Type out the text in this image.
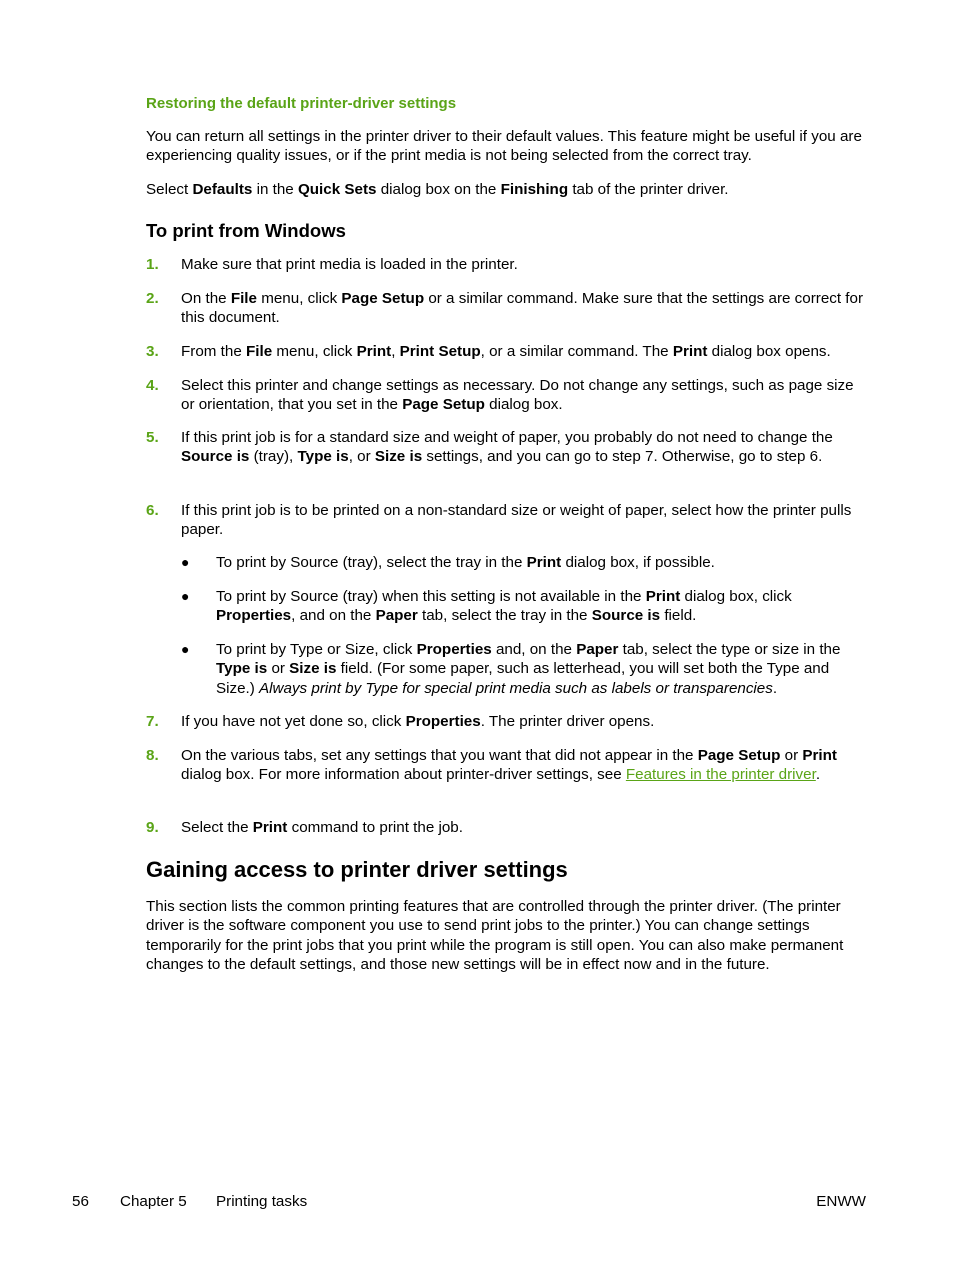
Restoring the default printer-driver settings

You can return all settings in the printer driver to their default values. This feature might be useful if you are experiencing quality issues, or if the print media is not being selected from the correct tray.

Select Defaults in the Quick Sets dialog box on the Finishing tab of the printer driver.

To print from Windows
1. Make sure that print media is loaded in the printer.
2. On the File menu, click Page Setup or a similar command. Make sure that the settings are correct for this document.
3. From the File menu, click Print, Print Setup, or a similar command. The Print dialog box opens.
4. Select this printer and change settings as necessary. Do not change any settings, such as page size or orientation, that you set in the Page Setup dialog box.
5. If this print job is for a standard size and weight of paper, you probably do not need to change the Source is (tray), Type is, or Size is settings, and you can go to step 7. Otherwise, go to step 6.
6. If this print job is to be printed on a non-standard size or weight of paper, select how the printer pulls paper.
● To print by Source (tray), select the tray in the Print dialog box, if possible.
● To print by Source (tray) when this setting is not available in the Print dialog box, click Properties, and on the Paper tab, select the tray in the Source is field.
● To print by Type or Size, click Properties and, on the Paper tab, select the type or size in the Type is or Size is field. (For some paper, such as letterhead, you will set both the Type and Size.) Always print by Type for special print media such as labels or transparencies.
7. If you have not yet done so, click Properties. The printer driver opens.
8. On the various tabs, set any settings that you want that did not appear in the Page Setup or Print dialog box. For more information about printer-driver settings, see Features in the printer driver.
9. Select the Print command to print the job.
Gaining access to printer driver settings

This section lists the common printing features that are controlled through the printer driver. (The printer driver is the software component you use to send print jobs to the printer.) You can change settings temporarily for the print jobs that you print while the program is still open. You can also make permanent changes to the default settings, and those new settings will be in effect now and in the future.

56 Chapter 5 Printing tasks	ENWW
